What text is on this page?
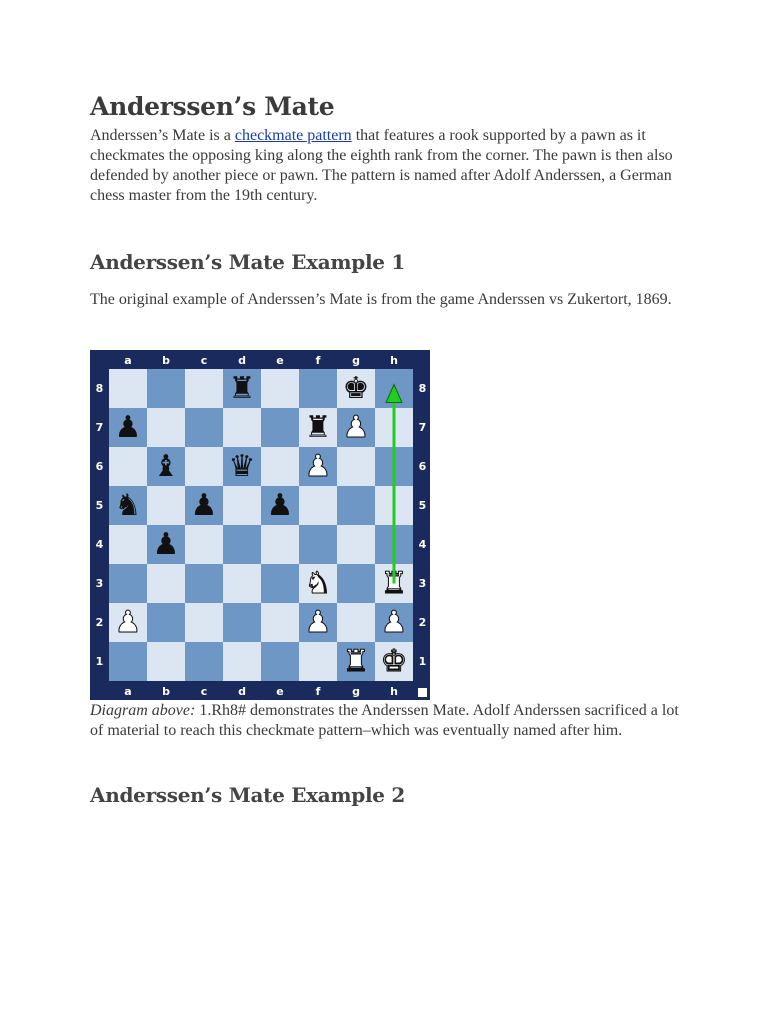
Anderssen’s Mate

Anderssen’s Mate is a checkmate pattern that features a rook supported by a pawn as it checkmates the opposing king along the eighth rank from the corner. The pawn is then also defended by another piece or pawn. The pattern is named after Adolf Anderssen, a German chess master from the 19th century.

Anderssen’s Mate Example 1

The original example of Anderssen’s Mate is from the game Anderssen vs Zukertort, 1869.

Diagram above: 1.Rh8# demonstrates the Anderssen Mate. Adolf Anderssen sacrificed a lot of material to reach this checkmate pattern–which was eventually named after him.

Anderssen’s Mate Example 2
♜	♚
♟	♜ ♟
♝ ♛ ♟
♞ ♟ ♟
♟
♞ ♜
♟	♟ ♟
♜ ♚
a
a
b
b
c
c
d
d
e
e
f
f
g
g
h
h
8	8
7	7
6	6
5	5
4	4
3	3
2	2
1	1
